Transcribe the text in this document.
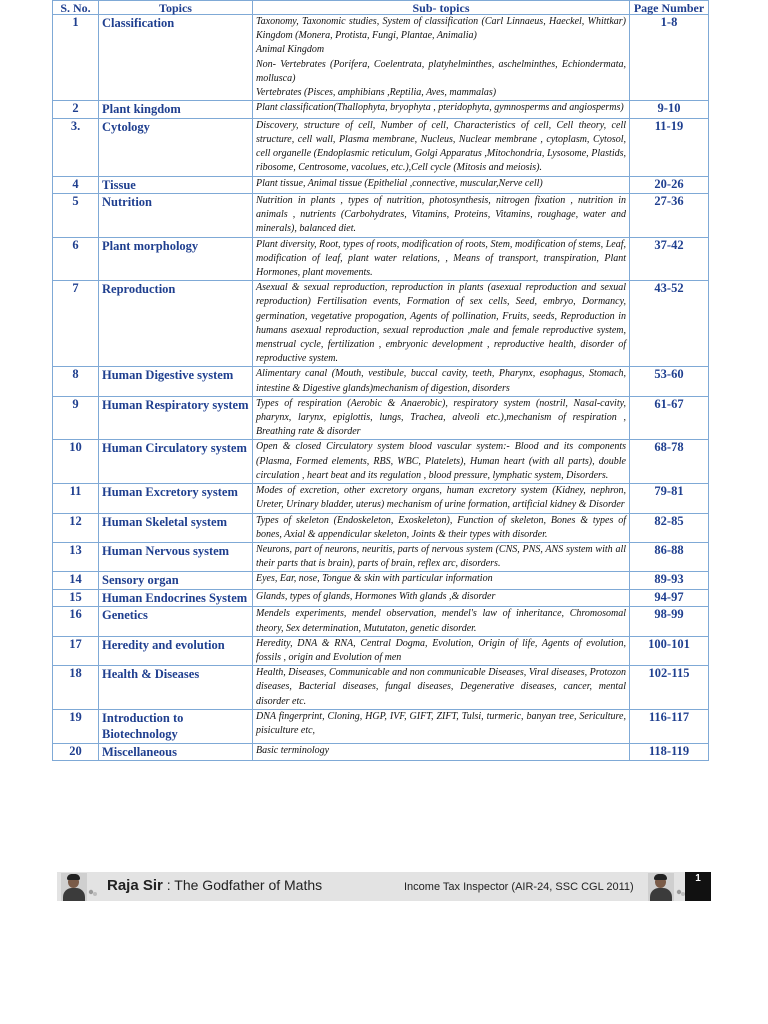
S. No.	Topics	Sub- topics	Page Number
1	Classification	Taxonomy, Taxonomic studies, System of classification (Carl Linnaeus, Haeckel, Whittkar) Kingdom (Monera, Protista, Fungi, Plantae, Animalia)
Animal Kingdom
Non- Vertebrates (Porifera, Coelentrata, platyhelminthes, aschelminthes, Echiondermata, mollusca)
Vertebrates (Pisces, amphibians ,Reptilia, Aves, mammalas)	1-8
2	Plant kingdom	Plant classification(Thallophyta, bryophyta , pteridophyta, gymnosperms and angiosperms)	9-10
3.	Cytology	Discovery, structure of cell, Number of cell, Characteristics of cell, Cell theory, cell structure, cell wall, Plasma membrane, Nucleus, Nuclear membrane , cytoplasm, Cytosol, cell organelle (Endoplasmic reticulum, Golgi Apparatus ,Mitochondria, Lysosome, Plastids, ribosome, Centrosome, vacolues, etc.),Cell cycle (Mitosis and meiosis).	11-19
4	Tissue	Plant tissue, Animal tissue (Epithelial ,connective, muscular,Nerve cell)	20-26
5	Nutrition	Nutrition in plants , types of nutrition, photosynthesis, nitrogen fixation , nutrition in animals , nutrients (Carbohydrates, Vitamins, Proteins, Vitamins, roughage, water and minerals), balanced diet.	27-36
6	Plant morphology	Plant diversity, Root, types of roots, modification of roots, Stem, modification of stems, Leaf, modification of leaf, plant water relations, , Means of transport, transpiration, Plant Hormones, plant movements.	37-42
7	Reproduction	Asexual & sexual reproduction, reproduction in plants (asexual reproduction and sexual reproduction) Fertilisation events, Formation of sex cells, Seed, embryo, Dormancy, germination, vegetative propogation, Agents of pollination, Fruits, seeds, Reproduction in humans asexual reproduction, sexual reproduction ,male and female reproductive system, menstrual cycle, fertilization , embryonic development , reproductive health, disorder of reproductive system.	43-52
8	Human Digestive system	Alimentary canal (Mouth, vestibule, buccal cavity, teeth, Pharynx, esophagus, Stomach, intestine & Digestive glands)mechanism of digestion, disorders	53-60
9	Human Respiratory system	Types of respiration (Aerobic & Anaerobic), respiratory system (nostril, Nasal-cavity, pharynx, larynx, epiglottis, lungs, Trachea, alveoli etc.),mechanism of respiration , Breathing rate & disorder	61-67
10	Human Circulatory system	Open & closed Circulatory system blood vascular system:- Blood and its components (Plasma, Formed elements, RBS, WBC, Platelets), Human heart (with all parts), double circulation , heart beat and its regulation , blood pressure, lymphatic system, Disorders.	68-78
11	Human Excretory system	Modes of excretion, other excretory organs, human excretory system (Kidney, nephron, Ureter, Urinary bladder, uterus) mechanism of urine formation, artificial kidney & Disorder	79-81
12	Human Skeletal system	Types of skeleton (Endoskeleton, Exoskeleton), Function of skeleton, Bones & types of bones, Axial & appendicular skeleton, Joints & their types with disorder.	82-85
13	Human Nervous system	Neurons, part of neurons, neuritis, parts of nervous system (CNS, PNS, ANS system with all their parts that is brain), parts of brain, reflex arc, disorders.	86-88
14	Sensory organ	Eyes, Ear, nose, Tongue & skin with particular information	89-93
15	Human Endocrines System	Glands, types of glands, Hormones With glands ,& disorder	94-97
16	Genetics	Mendels experiments, mendel observation, mendel's law of inheritance, Chromosomal theory, Sex determination, Mututaton, genetic disorder.	98-99
17	Heredity and evolution	Heredity, DNA & RNA, Central Dogma, Evolution, Origin of life, Agents of evolution, fossils , origin and Evolution of men	100-101
18	Health & Diseases	Health, Diseases, Communicable and non communicable Diseases, Viral diseases, Protozon diseases, Bacterial diseases, fungal diseases, Degenerative diseases, cancer, mental disorder etc.	102-115
19	Introduction to Biotechnology	DNA fingerprint, Cloning, HGP, IVF, GIFT, ZIFT, Tulsi, turmeric, banyan tree, Sericulture, pisiculture etc,	116-117
20	Miscellaneous	Basic terminology	118-119
Raja Sir : The Godfather of Maths	Income Tax Inspector (AIR-24, SSC CGL 2011)
1
